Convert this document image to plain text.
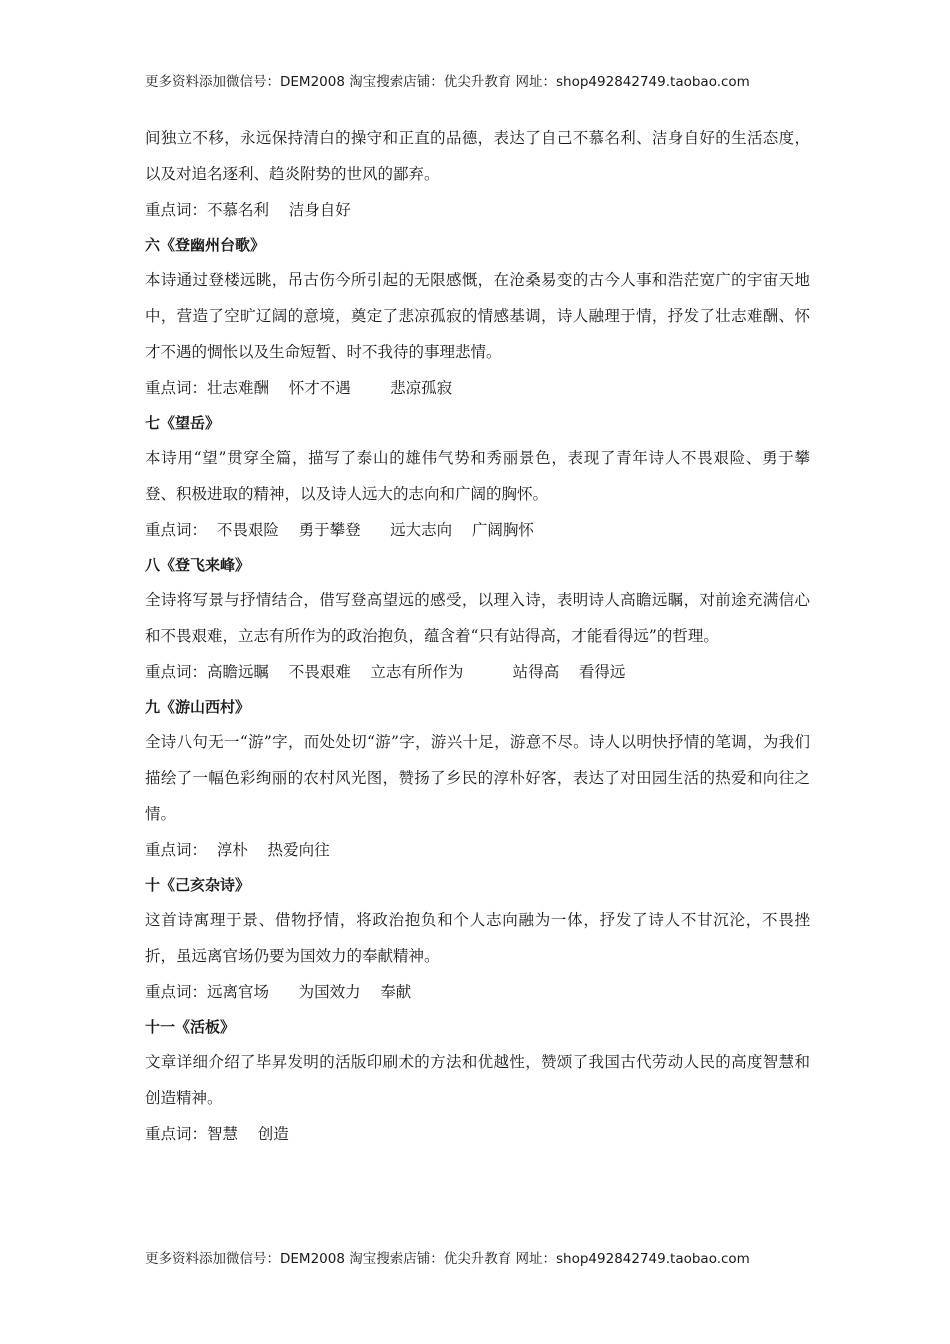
更多资料添加微信号：DEM2008 淘宝搜索店铺：优尖升教育 网址：shop492842749.taobao.com

间独立不移，永远保持清白的操守和正直的品德，表达了自己不慕名利、洁身自好的生活态度，以及对追名逐利、趋炎附势的世风的鄙弃。

重点词：不慕名利    洁身自好

六《登幽州台歌》

本诗通过登楼远眺，吊古伤今所引起的无限感慨，在沧桑易变的古今人事和浩茫宽广的宇宙天地中，营造了空旷辽阔的意境，奠定了悲凉孤寂的情感基调，诗人融理于情，抒发了壮志难酬、怀才不遇的惆怅以及生命短暂、时不我待的事理悲情。

重点词：壮志难酬    怀才不遇        悲凉孤寂

七《望岳》

本诗用“望”贯穿全篇，描写了泰山的雄伟气势和秀丽景色，表现了青年诗人不畏艰险、勇于攀登、积极进取的精神，以及诗人远大的志向和广阔的胸怀。

重点词：  不畏艰险    勇于攀登      远大志向    广阔胸怀

八《登飞来峰》

全诗将写景与抒情结合，借写登高望远的感受，以理入诗，表明诗人高瞻远瞩，对前途充满信心和不畏艰难，立志有所作为的政治抱负，蕴含着“只有站得高，才能看得远”的哲理。

重点词：高瞻远瞩    不畏艰难    立志有所作为          站得高    看得远

九《游山西村》

全诗八句无一“游”字，而处处切“游”字，游兴十足，游意不尽。诗人以明快抒情的笔调，为我们描绘了一幅色彩绚丽的农村风光图，赞扬了乡民的淳朴好客，表达了对田园生活的热爱和向往之情。

重点词：  淳朴    热爱向往

十《己亥杂诗》

这首诗寓理于景、借物抒情，将政治抱负和个人志向融为一体，抒发了诗人不甘沉沦，不畏挫折，虽远离官场仍要为国效力的奉献精神。

重点词：远离官场      为国效力    奉献

十一《活板》

文章详细介绍了毕昇发明的活版印刷术的方法和优越性，赞颂了我国古代劳动人民的高度智慧和创造精神。

重点词：智慧    创造

更多资料添加微信号：DEM2008 淘宝搜索店铺：优尖升教育 网址：shop492842749.taobao.com
